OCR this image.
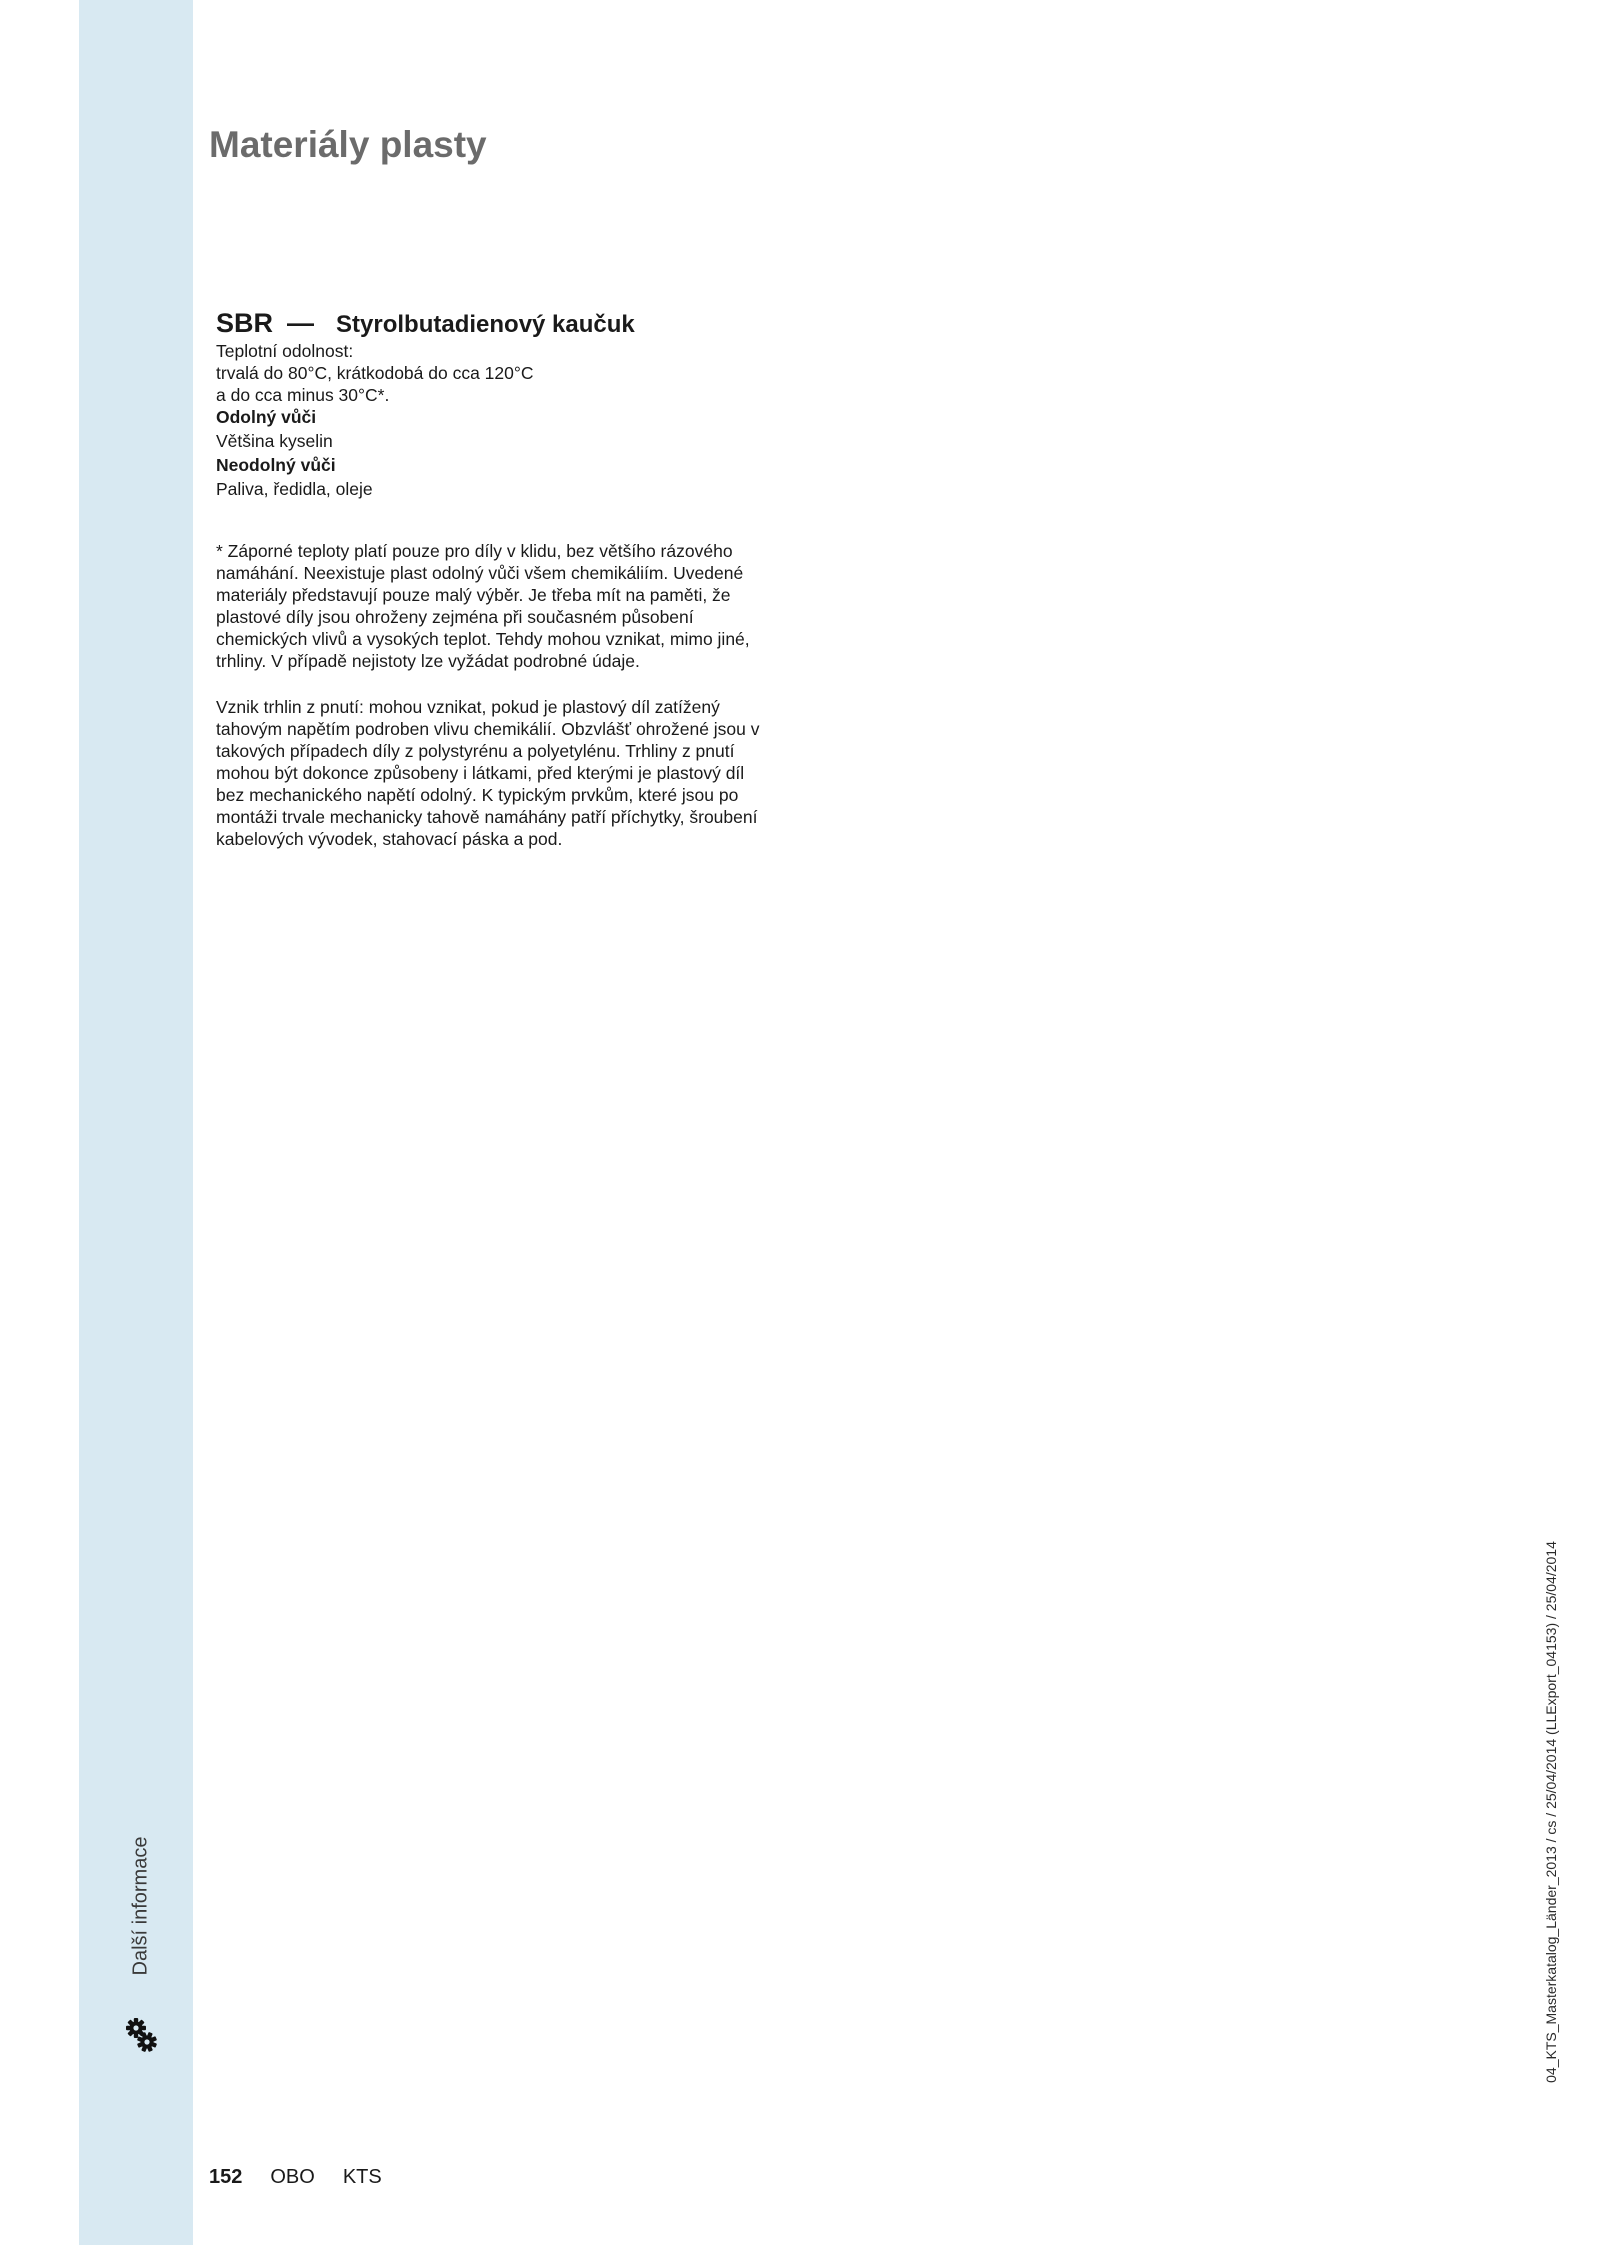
Další informace
Materiály plasty
SBR — Styrolbutadienový kaučuk
Teplotní odolnost:
trvalá do 80°C, krátkodobá do cca 120°C
a do cca minus 30°C*.
Odolný vůči
Většina kyselin
Neodolný vůči
Paliva, ředidla, oleje
* Záporné teploty platí pouze pro díly v klidu, bez většího rázového
namáhání. Neexistuje plast odolný vůči všem chemikáliím. Uvedené
materiály představují pouze malý výběr. Je třeba mít na paměti, že
plastové díly jsou ohroženy zejména při současném působení
chemických vlivů a vysokých teplot. Tehdy mohou vznikat, mimo jiné,
trhliny. V případě nejistoty lze vyžádat podrobné údaje.
Vznik trhlin z pnutí: mohou vznikat, pokud je plastový díl zatížený
tahovým napětím podroben vlivu chemikálií. Obzvlášť ohrožené jsou v
takových případech díly z polystyrénu a polyetylénu. Trhliny z pnutí
mohou být dokonce způsobeny i látkami, před kterými je plastový díl
bez mechanického napětí odolný. K typickým prvkům, které jsou po
montáži trvale mechanicky tahově namáhány patří příchytky, šroubení
kabelových vývodek, stahovací páska a pod.
152 OBO KTS
04_KTS_Masterkatalog_Länder_2013 / cs / 25/04/2014 (LLExport_04153) / 25/04/2014
